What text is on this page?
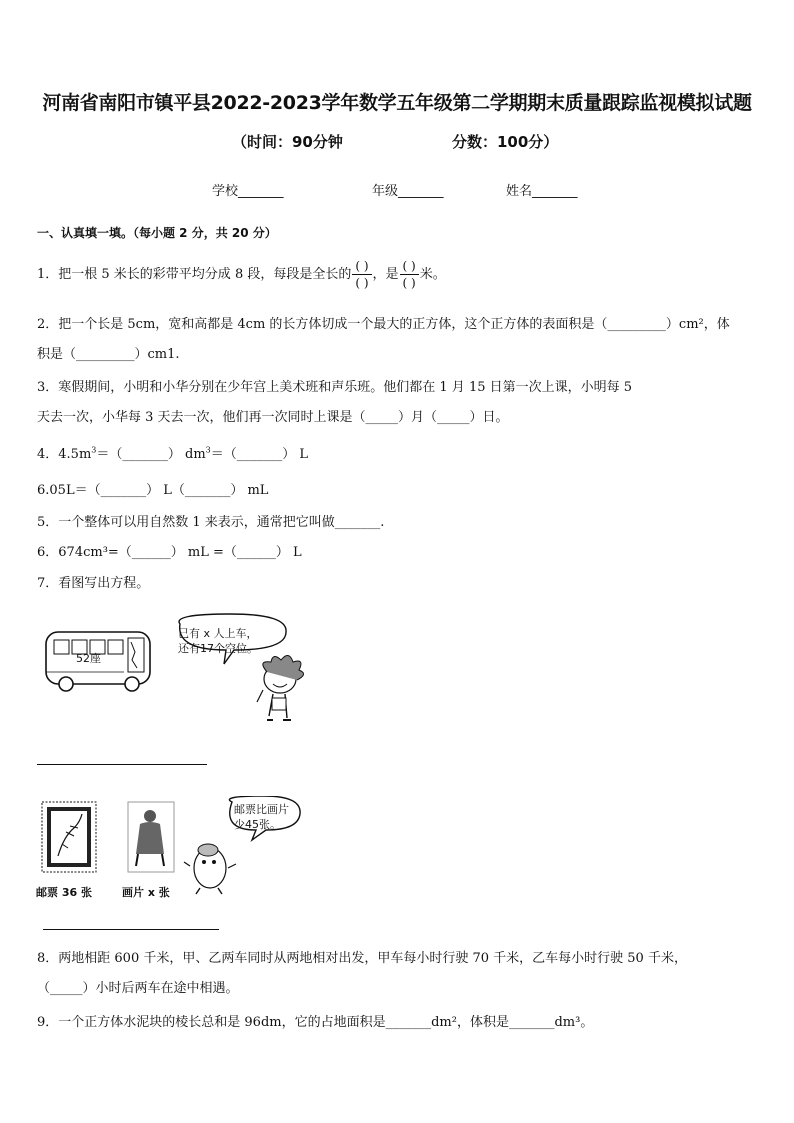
河南省南阳市镇平县2022-2023学年数学五年级第二学期期末质量跟踪监视模拟试题
（时间：90分钟	分数：100分）
学校_______	年级_______	姓名_______
一、认真填一填。（每小题 2 分，共 20 分）
1．把一根 5 米长的彩带平均分成 8 段，每段是全长的 $\frac{( )}{( )}$ ，是 $\frac{( )}{( )}$ 米。
2．把一个长是 5cm，宽和高都是 4cm 的长方体切成一个最大的正方体，这个正方体的表面积是（_________）cm²，体
积是（_________）cm1.
3．寒假期间，小明和小华分别在少年宫上美术班和声乐班。他们都在 1 月 15 日第一次上课，小明每 5
天去一次，小华每 3 天去一次，他们再一次同时上课是（_____）月（_____）日。
4．$4.5m^3=(\_\_\_\_\_\_\_)$ $dm^3=(\_\_\_\_\_\_\_)$ L
6.05L＝（_______） L（_______） mL
5．一个整体可以用自然数 1 来表示，通常把它叫做_______.
6．674cm³=（______） mL =（______） L
7．看图写出方程。
52座
已有 x 人上车，
还有17个空位。
邮票比画片
少45张。
邮票 36 张	画片 x 张
8．两地相距 600 千米，甲、乙两车同时从两地相对出发，甲车每小时行驶 70 千米，乙车每小时行驶 50 千米，
（_____）小时后两车在途中相遇。
9．一个正方体水泥块的棱长总和是 96dm，它的占地面积是_______dm²，体积是_______dm³。
